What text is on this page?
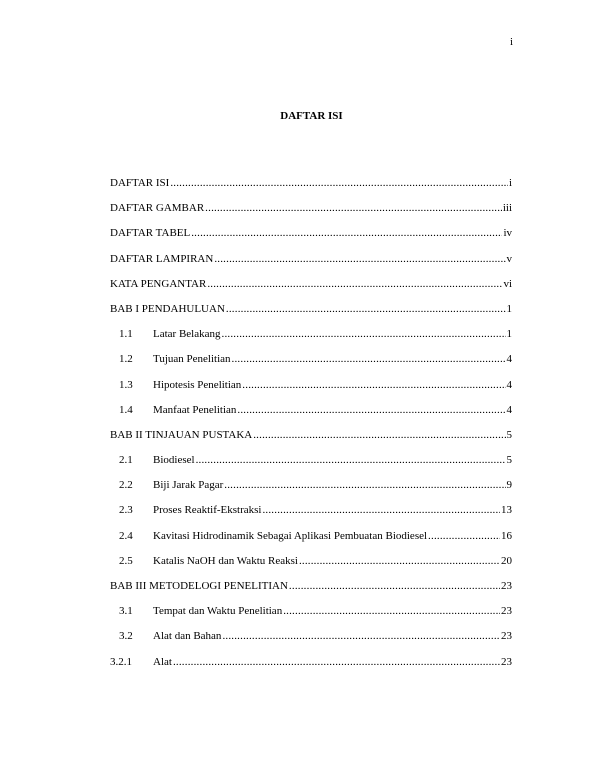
i
DAFTAR ISI
DAFTAR ISI .....	i
DAFTAR GAMBAR .....	iii
DAFTAR TABEL .....	iv
DAFTAR LAMPIRAN .....	v
KATA PENGANTAR .....	vi
BAB I PENDAHULUAN .....	1
1.1	Latar Belakang .....	1
1.2	Tujuan Penelitian .....	4
1.3	Hipotesis Penelitian .....	4
1.4	Manfaat Penelitian .....	4
BAB II TINJAUAN PUSTAKA .....	5
2.1	Biodiesel .....	5
2.2	Biji Jarak Pagar .....	9
2.3	Proses Reaktif-Ekstraksi .....	13
2.4	Kavitasi Hidrodinamik Sebagai Aplikasi Pembuatan Biodiesel .....	16
2.5	Katalis NaOH dan Waktu Reaksi .....	20
BAB III METODELOGI PENELITIAN .....	23
3.1	Tempat dan Waktu Penelitian .....	23
3.2	Alat dan Bahan .....	23
3.2.1	Alat .....	23
